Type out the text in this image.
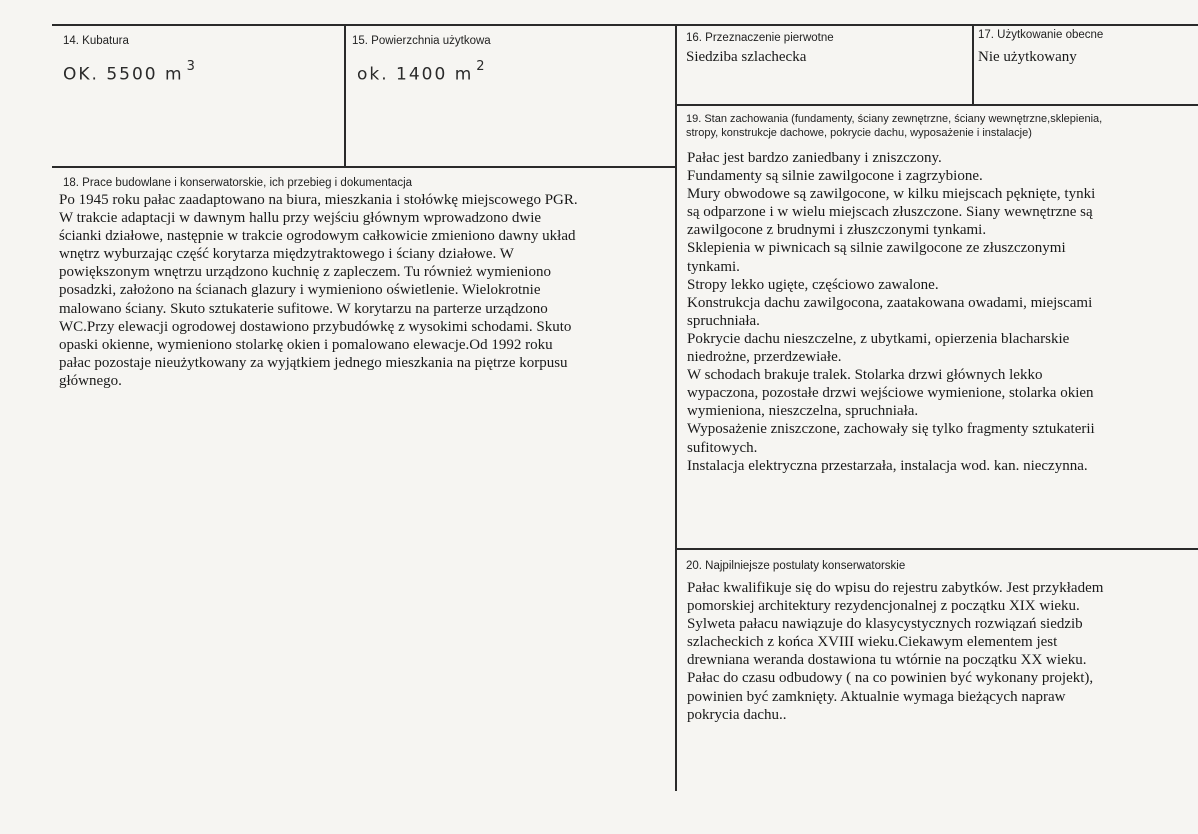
14. Kubatura
OK. 5500 m $^3$
15. Powierzchnia użytkowa
ok. 1400 m $^2$
16. Przeznaczenie pierwotne
Siedziba szlachecka
17. Użytkowanie obecne
Nie użytkowany
18. Prace budowlane i konserwatorskie, ich przebieg i dokumentacja

Po 1945 roku pałac zaadaptowano na biura, mieszkania i stołówkę miejscowego PGR.

W trakcie adaptacji w dawnym hallu przy wejściu głównym wprowadzono dwie

ścianki działowe, następnie w trakcie ogrodowym całkowicie zmieniono dawny układ

wnętrz wyburzając część korytarza międzytraktowego i ściany działowe. W

powiększonym wnętrzu urządzono kuchnię z zapleczem. Tu również wymieniono

posadzki, założono na ścianach glazury i wymieniono oświetlenie. Wielokrotnie

malowano ściany. Skuto sztukaterie sufitowe. W korytarzu na parterze urządzono

WC.Przy elewacji ogrodowej dostawiono przybudówkę z wysokimi schodami. Skuto

opaski okienne, wymieniono stolarkę okien i pomalowano elewacje.Od 1992 roku

pałac pozostaje nieużytkowany za wyjątkiem jednego mieszkania na piętrze korpusu

głównego.

19. Stan zachowania (fundamenty, ściany zewnętrzne, ściany wewnętrzne,sklepienia,
stropy, konstrukcje dachowe, pokrycie dachu, wyposażenie i instalacje)

Pałac jest bardzo zaniedbany i zniszczony.

Fundamenty są silnie zawilgocone i zagrzybione.

Mury obwodowe są zawilgocone, w kilku miejscach pęknięte, tynki

są odparzone i w wielu miejscach złuszczone. Siany wewnętrzne są

zawilgocone z brudnymi i złuszczonymi tynkami.

Sklepienia w piwnicach są silnie zawilgocone ze złuszczonymi

tynkami.

Stropy lekko ugięte, częściowo zawalone.

Konstrukcja dachu zawilgocona, zaatakowana owadami, miejscami

spruchniała.

Pokrycie dachu nieszczelne, z ubytkami, opierzenia blacharskie

niedrożne, przerdzewiałe.

W schodach brakuje tralek. Stolarka drzwi głównych lekko

wypaczona, pozostałe drzwi wejściowe wymienione, stolarka okien

wymieniona, nieszczelna, spruchniała.

Wyposażenie zniszczone, zachowały się tylko fragmenty sztukaterii

sufitowych.

Instalacja elektryczna przestarzała, instalacja wod. kan. nieczynna.

20. Najpilniejsze postulaty konserwatorskie

Pałac kwalifikuje się do wpisu do rejestru zabytków. Jest przykładem

pomorskiej architektury rezydencjonalnej z początku XIX wieku.

Sylweta pałacu nawiązuje do klasycystycznych rozwiązań siedzib

szlacheckich z końca XVIII wieku.Ciekawym elementem jest

drewniana weranda dostawiona tu wtórnie na początku XX wieku.

Pałac do czasu odbudowy ( na co powinien być wykonany projekt),

powinien być zamknięty. Aktualnie wymaga bieżących napraw

pokrycia dachu..
